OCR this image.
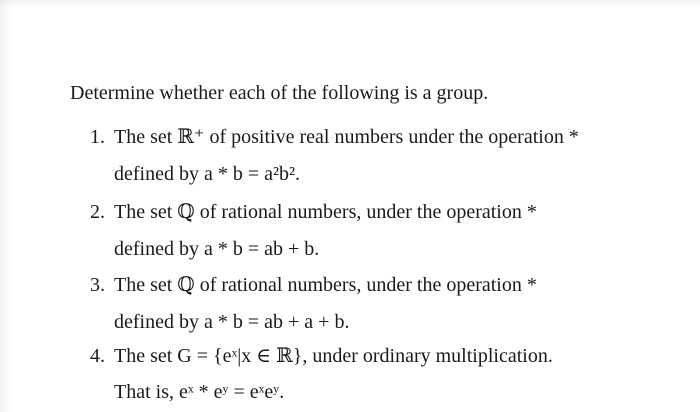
Determine whether each of the following is a group.
1. The set ℝ⁺ of positive real numbers under the operation *
defined by a * b = a²b².
2. The set ℚ of rational numbers, under the operation *
defined by a * b = ab + b.
3. The set ℚ of rational numbers, under the operation *
defined by a * b = ab + a + b.
4. The set G = {eˣ|x ∈ ℝ}, under ordinary multiplication.
That is, eˣ * eʸ = eˣeʸ.
